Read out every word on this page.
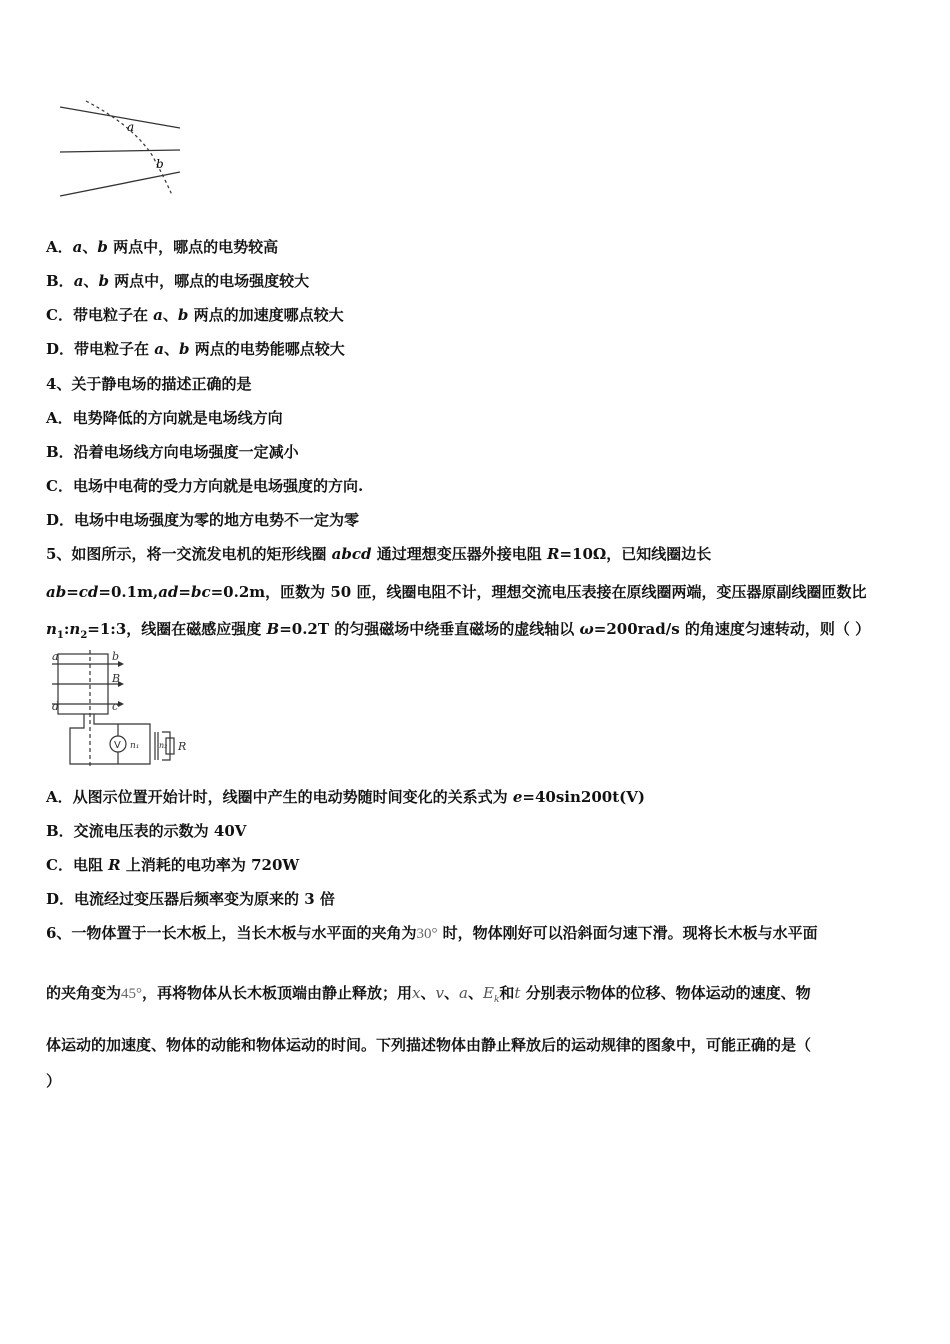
a
b
A．a、b 两点中，哪点的电势较高
B．a、b 两点中，哪点的电场强度较大
C．带电粒子在 a、b 两点的加速度哪点较大
D．带电粒子在 a、b 两点的电势能哪点较大
4、关于静电场的描述正确的是
A．电势降低的方向就是电场线方向
B．沿着电场线方向电场强度一定减小
C．电场中电荷的受力方向就是电场强度的方向.
D．电场中电场强度为零的地方电势不一定为零
5、如图所示，将一交流发电机的矩形线圈 abcd 通过理想变压器外接电阻 R=10Ω，已知线圈边长
ab=cd=0.1m,ad=bc=0.2m，匝数为 50 匝，线圈电阻不计，理想交流电压表接在原线圈两端，变压器原副线圈匝数比
$n_1:n_2=1:3$，线圈在磁感应强度 B=0.2T 的匀强磁场中绕垂直磁场的虚线轴以 ω=200rad/s 的角速度匀速转动，则（ ）
a	b
B
d	c
n₁ n₂ R
V
A．从图示位置开始计时，线圈中产生的电动势随时间变化的关系式为 e=40sin200t(V)
B．交流电压表的示数为 40V
C．电阻 R 上消耗的电功率为 720W
D．电流经过变压器后频率变为原来的 3 倍
6、一物体置于一长木板上，当长木板与水平面的夹角为30° 时，物体刚好可以沿斜面匀速下滑。现将长木板与水平面
的夹角变为45°，再将物体从长木板顶端由静止释放；用x、v、a、$E_k$和t 分别表示物体的位移、物体运动的速度、物
体运动的加速度、物体的动能和物体运动的时间。下列描述物体由静止释放后的运动规律的图象中，可能正确的是（
）
